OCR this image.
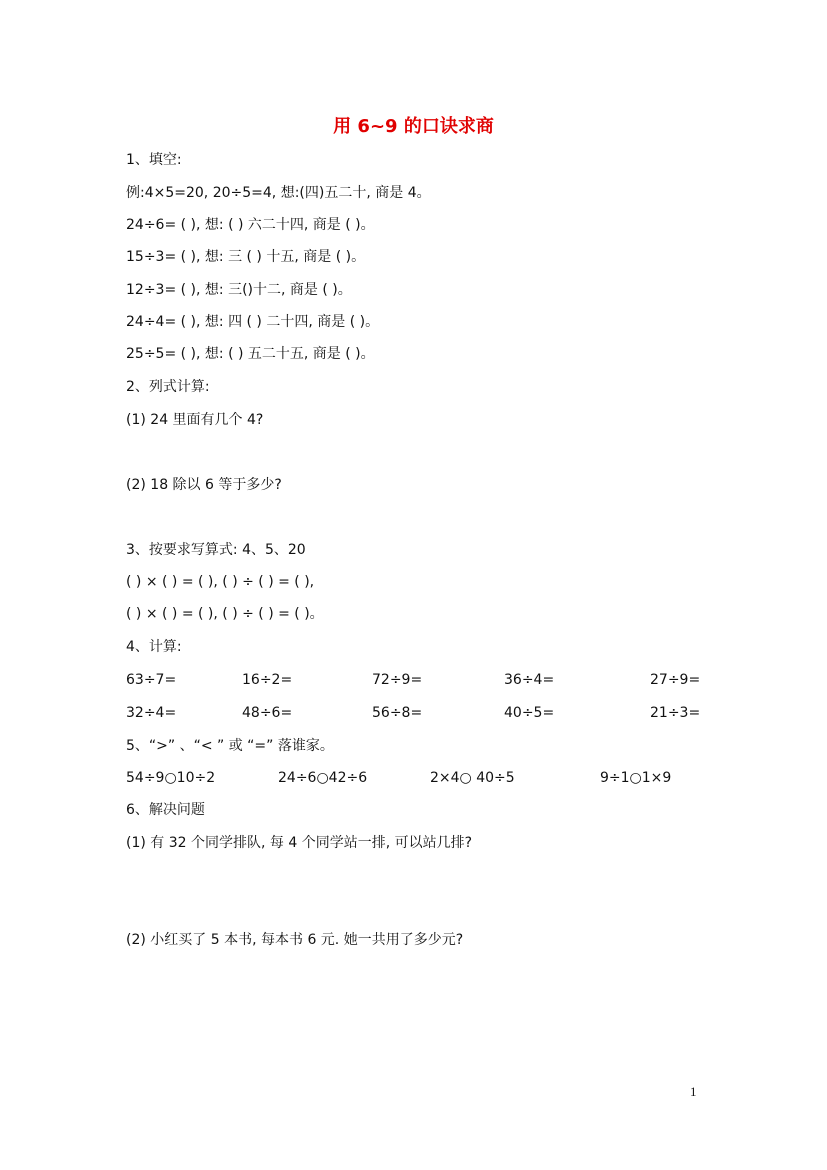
用 6~9 的口诀求商
1、填空:
例:4×5=20, 20÷5=4, 想:(四)五二十, 商是 4。
24÷6= ( ), 想: ( ) 六二十四, 商是 ( )。
15÷3= ( ), 想: 三 ( ) 十五, 商是 ( )。
12÷3= ( ), 想: 三()十二, 商是 ( )。
24÷4= ( ), 想: 四 ( ) 二十四, 商是 ( )。
25÷5= ( ), 想: ( ) 五二十五, 商是 ( )。
2、列式计算:
(1) 24 里面有几个 4?
(2) 18 除以 6 等于多少?
3、按要求写算式: 4、5、20
( ) × ( ) = ( ), ( ) ÷ ( ) = ( ),
( ) × ( ) = ( ), ( ) ÷ ( ) = ( )。
4、计算:
63÷7=	16÷2=	72÷9=	36÷4=	27÷9=
32÷4=	48÷6=	56÷8=	40÷5=	21÷3=
5、“>” 、“< ” 或 “=” 落谁家。
54÷9○10÷2	24÷6○42÷6	2×4○ 40÷5	9÷1○1×9
6、解决问题
(1) 有 32 个同学排队, 每 4 个同学站一排, 可以站几排?
(2) 小红买了 5 本书, 每本书 6 元. 她一共用了多少元?
1
